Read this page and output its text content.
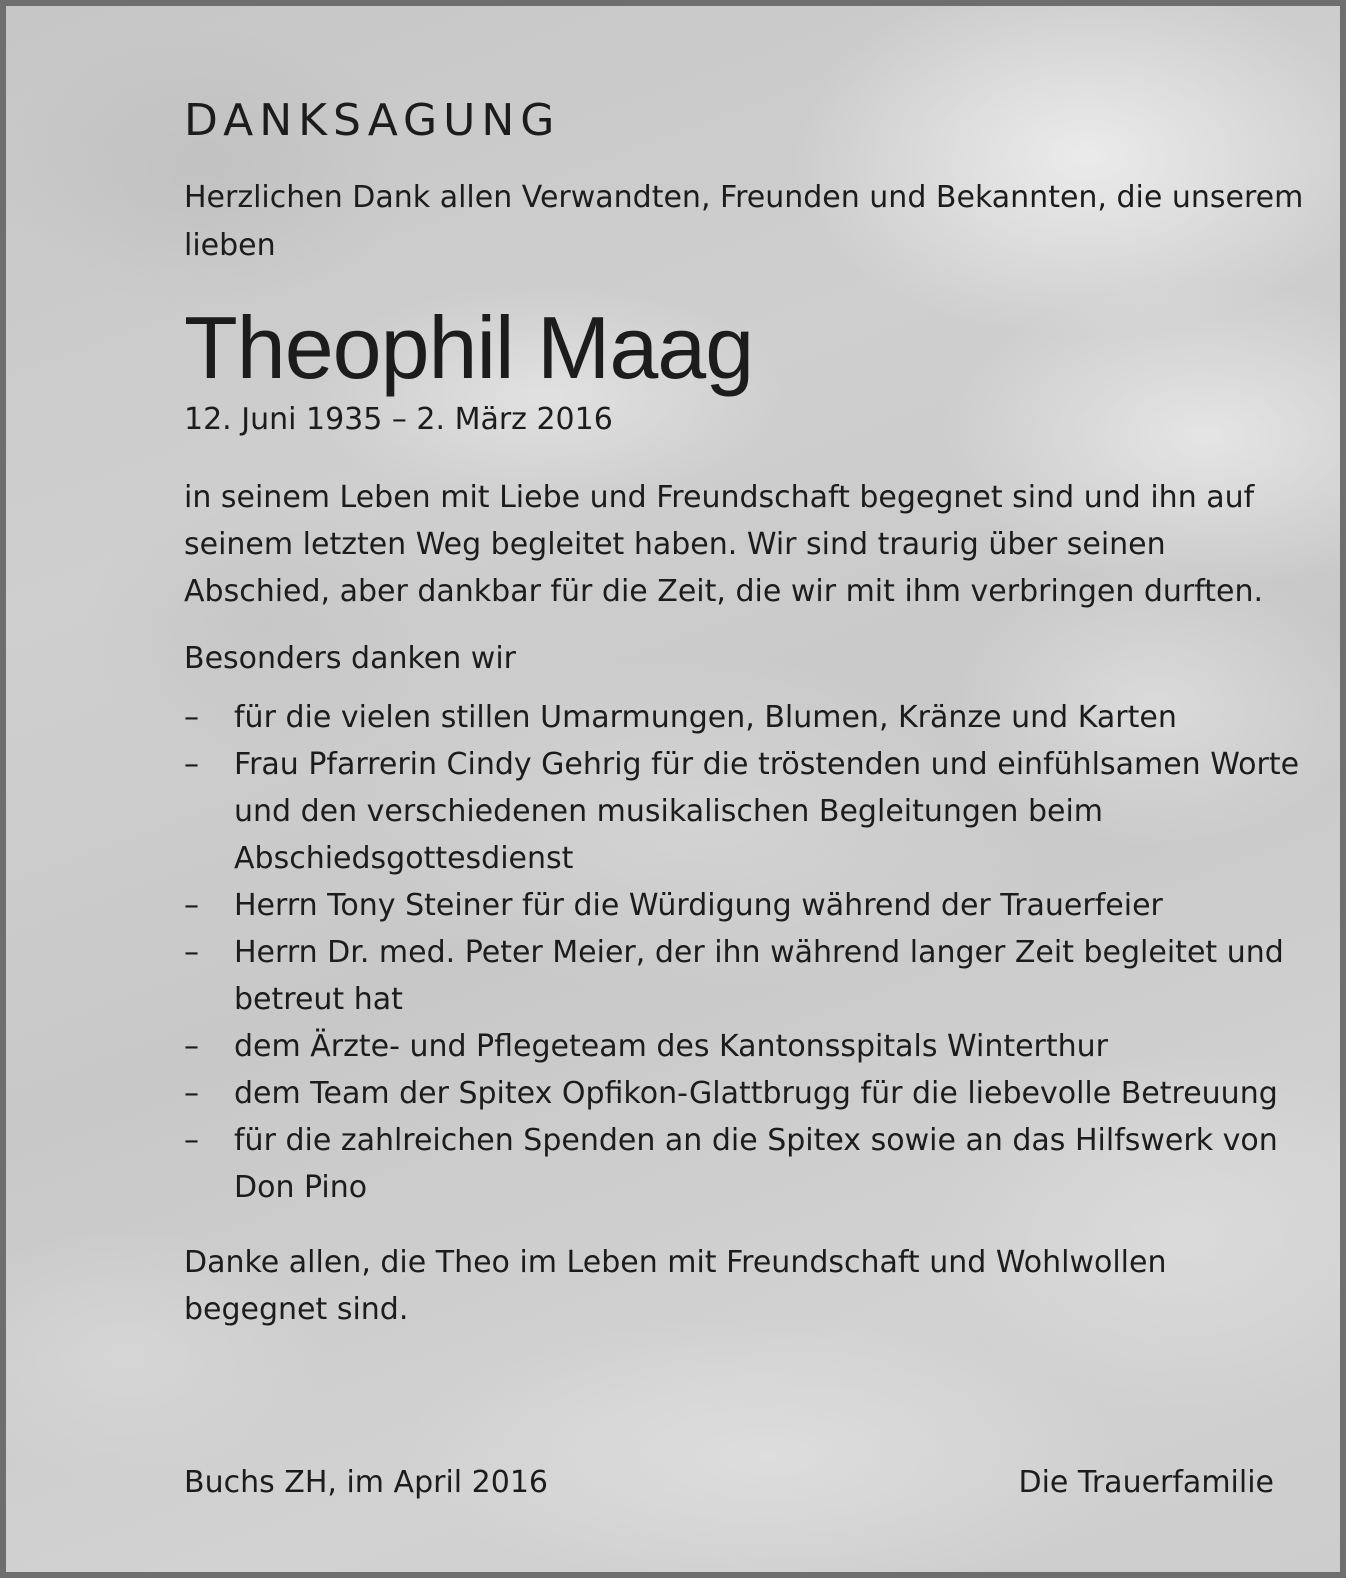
DANKSAGUNG
Herzlichen Dank allen Verwandten, Freunden und Bekannten, die unserem lieben
Theophil Maag
12. Juni 1935 – 2. März 2016
in seinem Leben mit Liebe und Freundschaft begegnet sind und ihn auf seinem letzten Weg begleitet haben. Wir sind traurig über seinen Abschied, aber dankbar für die Zeit, die wir mit ihm verbringen durften.
Besonders danken wir
– für die vielen stillen Umarmungen, Blumen, Kränze und Karten
– Frau Pfarrerin Cindy Gehrig für die tröstenden und einfühlsamen Worte und den verschiedenen musikalischen Begleitungen beim Abschiedsgottesdienst
– Herrn Tony Steiner für die Würdigung während der Trauerfeier
– Herrn Dr. med. Peter Meier, der ihn während langer Zeit begleitet und betreut hat
– dem Ärzte- und Pflegeteam des Kantonsspitals Winterthur
– dem Team der Spitex Opfikon-Glattbrugg für die liebevolle Betreuung
– für die zahlreichen Spenden an die Spitex sowie an das Hilfswerk von Don Pino
Danke allen, die Theo im Leben mit Freundschaft und Wohlwollen begegnet sind.
Buchs ZH, im April 2016	Die Trauerfamilie
